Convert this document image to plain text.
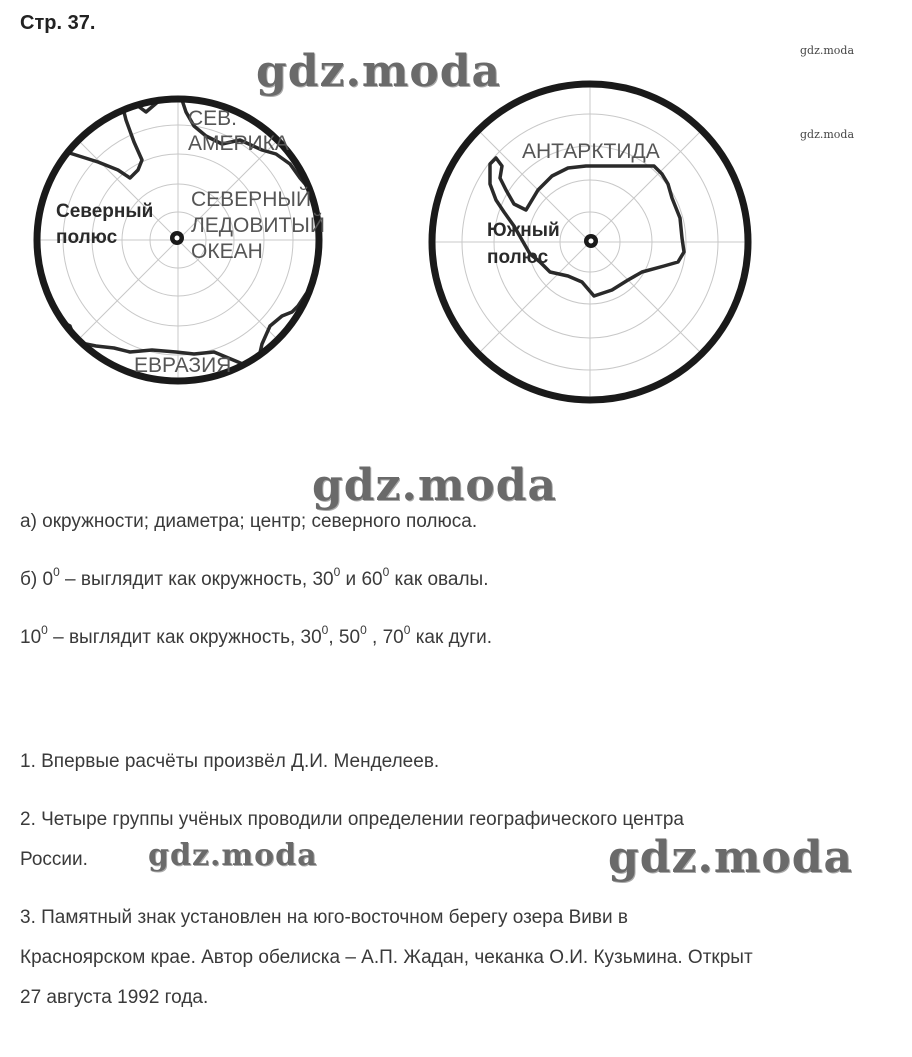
Стр. 37.
СЕВ.
АМЕРИКА
СЕВЕРНЫЙ
ЛЕДОВИТЫЙ
ОКЕАН
ЕВРАЗИЯ
Северный
полюс
АНТАРКТИДА
Южный
полюс
gdz.moda	gdz.moda
gdz.moda
gdz.moda
gdz.moda	gdz.moda
а) окружности; диаметра; центр; северного полюса.
б) $0^0$ – выглядит как окружность, $30^0$ и $60^0$ как овалы.
$10^0$ – выглядит как окружность, $30^0$, $50^0$ , $70^0$ как дуги.
1. Впервые расчёты произвёл Д.И. Менделеев.
2. Четыре группы учёных проводили определении географического центра
России.
3. Памятный знак установлен на юго-восточном берегу озера Виви в
Красноярском крае. Автор обелиска – А.П. Жадан, чеканка О.И. Кузьмина. Открыт
27 августа 1992 года.
